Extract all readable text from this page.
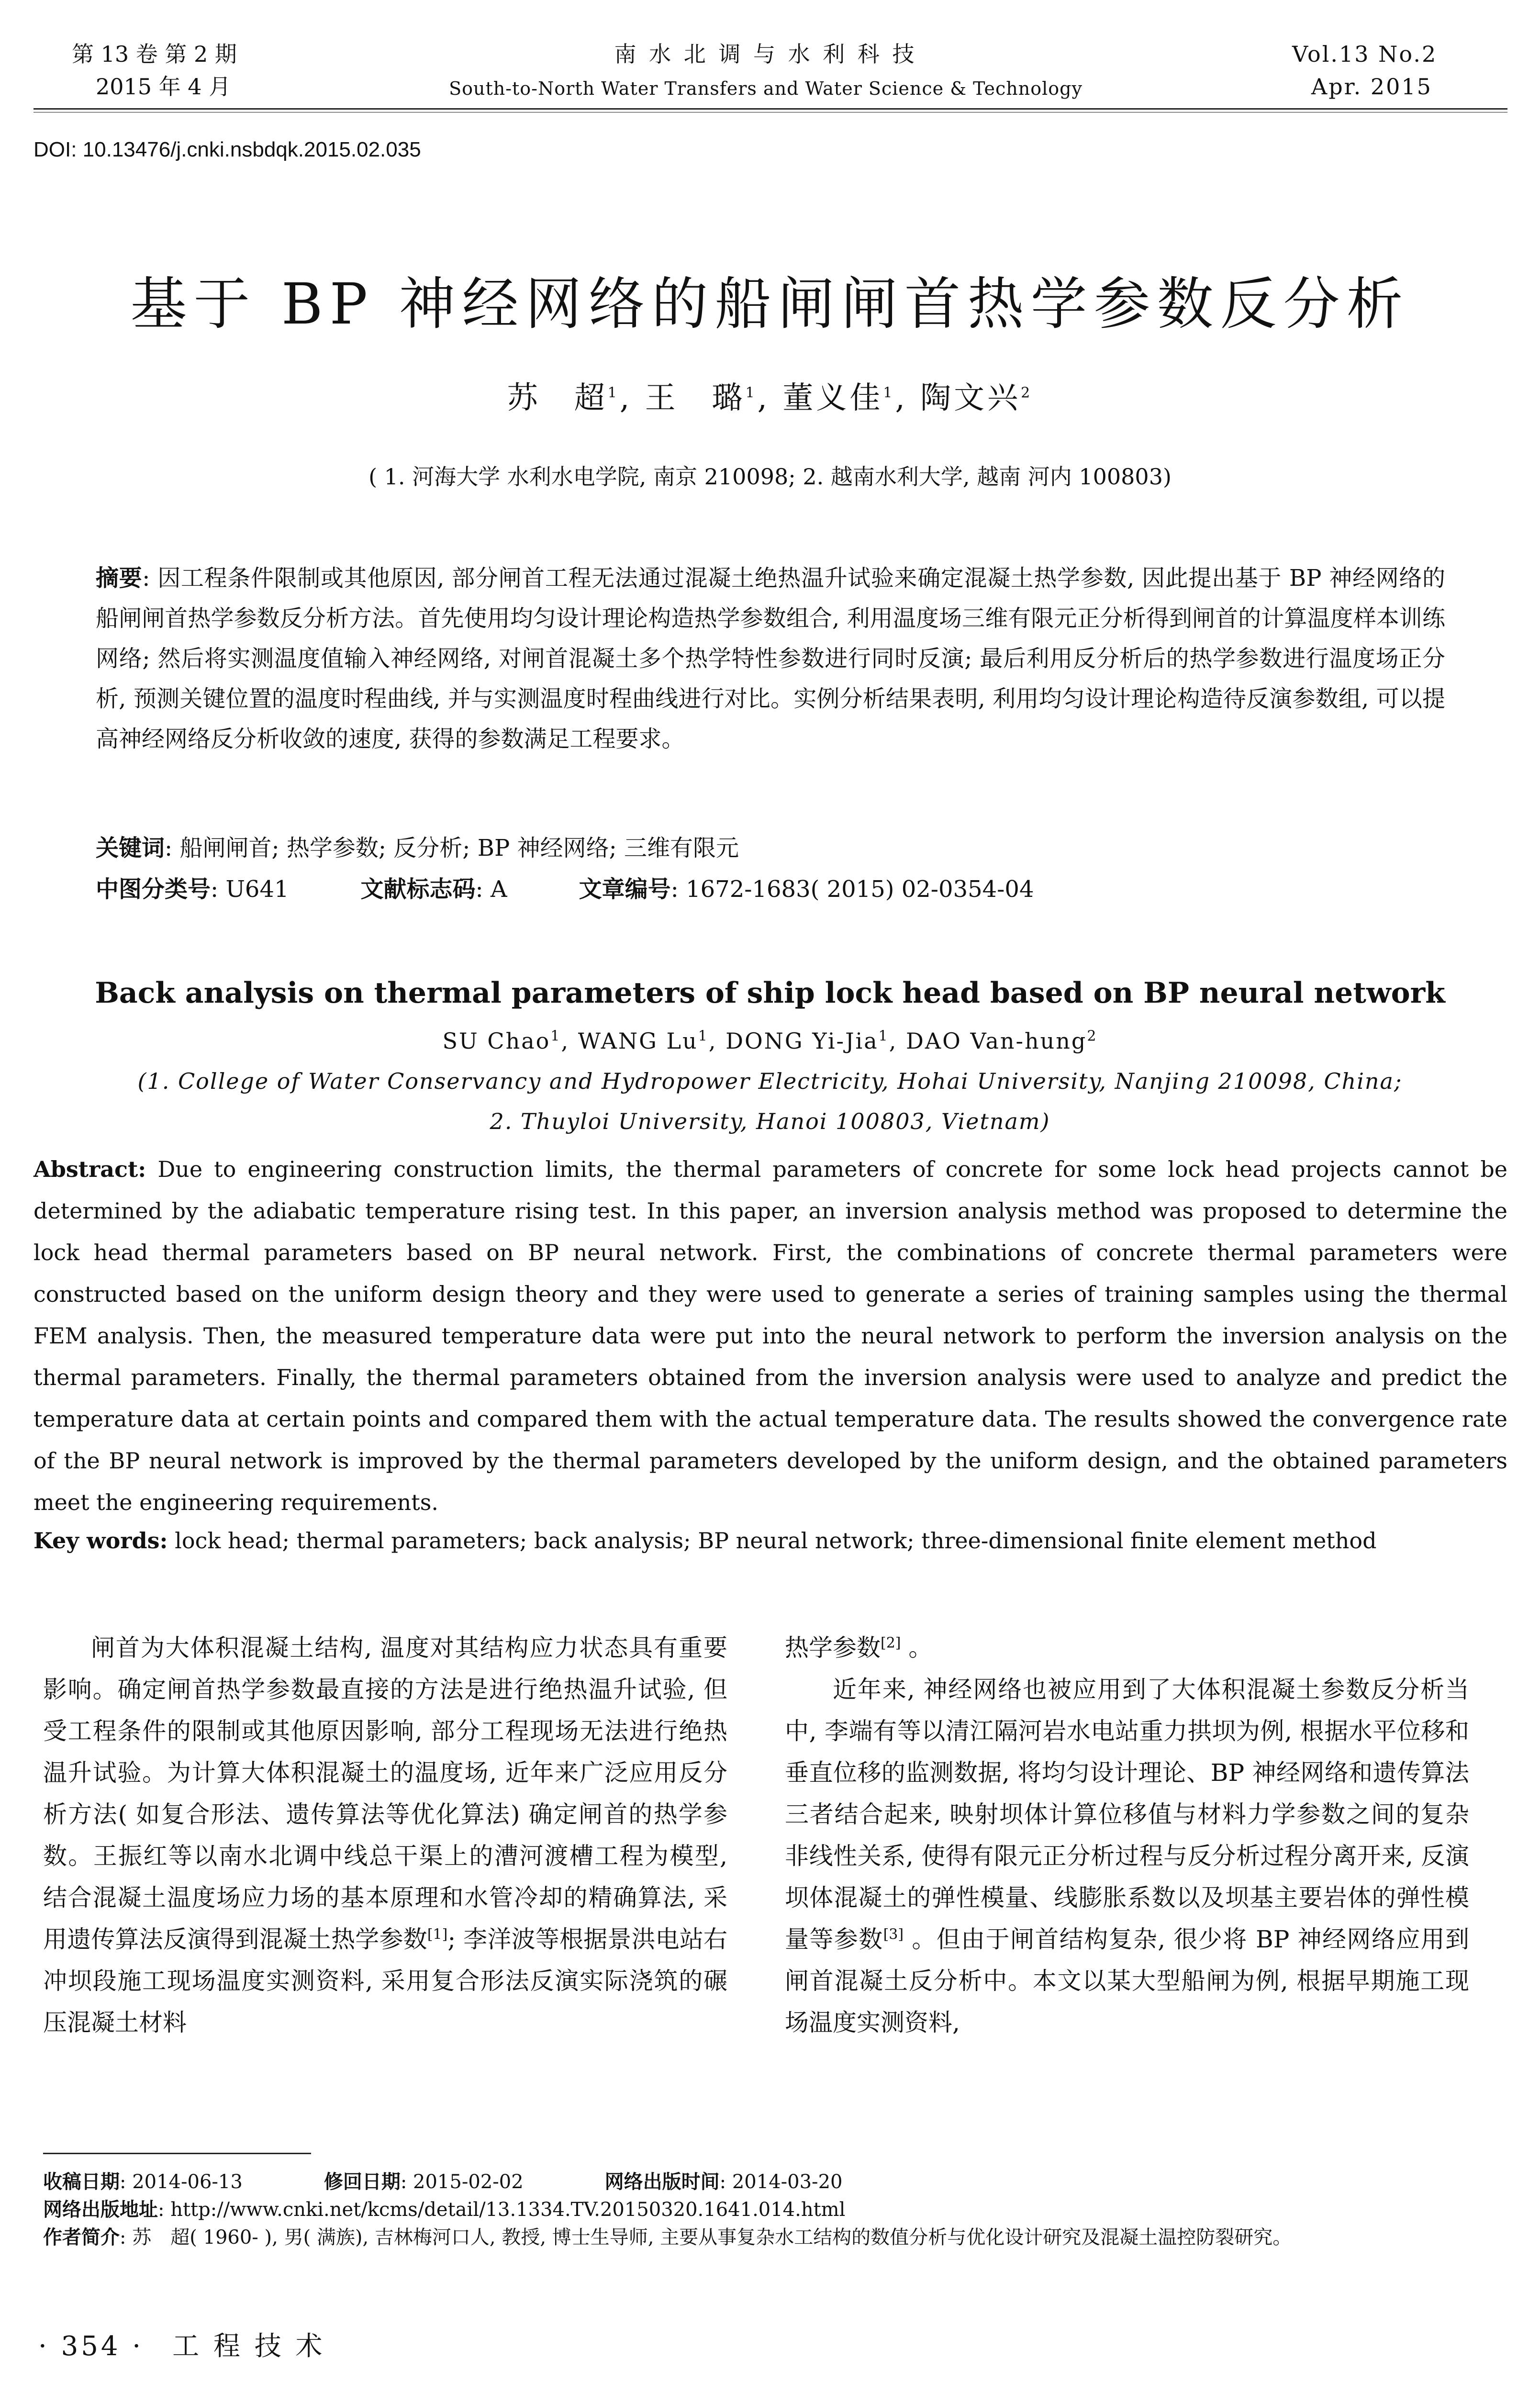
第 13 卷 第 2 期
2015 年 4 月
南 水 北 调 与 水 利 科 技
South-to-North Water Transfers and Water Science & Technology
Vol.13 No.2
Apr. 2015
DOI: 10.13476/j.cnki.nsbdqk.2015.02.035
基于 BP 神经网络的船闸闸首热学参数反分析
苏　超$^1$, 王　璐$^1$, 董义佳$^1$, 陶文兴$^2$
( 1. 河海大学 水利水电学院, 南京 210098; 2. 越南水利大学, 越南 河内 100803)
摘要: 因工程条件限制或其他原因, 部分闸首工程无法通过混凝土绝热温升试验来确定混凝土热学参数, 因此提出基于 BP 神经网络的船闸闸首热学参数反分析方法。首先使用均匀设计理论构造热学参数组合, 利用温度场三维有限元正分析得到闸首的计算温度样本训练网络; 然后将实测温度值输入神经网络, 对闸首混凝土多个热学特性参数进行同时反演; 最后利用反分析后的热学参数进行温度场正分析, 预测关键位置的温度时程曲线, 并与实测温度时程曲线进行对比。实例分析结果表明, 利用均匀设计理论构造待反演参数组, 可以提高神经网络反分析收敛的速度, 获得的参数满足工程要求。
关键词: 船闸闸首; 热学参数; 反分析; BP 神经网络; 三维有限元
中图分类号: U641	文献标志码: A	文章编号: 1672-1683( 2015) 02-0354-04
Back analysis on thermal parameters of ship lock head based on BP neural network
SU Chao$^1$, WANG Lu$^1$, DONG Yi-Jia$^1$, DAO Van-hung$^2$
(1. College of Water Conservancy and Hydropower Electricity, Hohai University, Nanjing 210098, China;
2. Thuyloi University, Hanoi 100803, Vietnam)
Abstract: Due to engineering construction limits, the thermal parameters of concrete for some lock head projects cannot be determined by the adiabatic temperature rising test. In this paper, an inversion analysis method was proposed to determine the lock head thermal parameters based on BP neural network. First, the combinations of concrete thermal parameters were constructed based on the uniform design theory and they were used to generate a series of training samples using the thermal FEM analysis. Then, the measured temperature data were put into the neural network to perform the inversion analysis on the thermal parameters. Finally, the thermal parameters obtained from the inversion analysis were used to analyze and predict the temperature data at certain points and compared them with the actual temperature data. The results showed the convergence rate of the BP neural network is improved by the thermal parameters developed by the uniform design, and the obtained parameters meet the engineering requirements.
Key words: lock head; thermal parameters; back analysis; BP neural network; three-dimensional finite element method

闸首为大体积混凝土结构, 温度对其结构应力状态具有重要影响。确定闸首热学参数最直接的方法是进行绝热温升试验, 但受工程条件的限制或其他原因影响, 部分工程现场无法进行绝热温升试验。为计算大体积混凝土的温度场, 近年来广泛应用反分析方法( 如复合形法、遗传算法等优化算法) 确定闸首的热学参数。王振红等以南水北调中线总干渠上的漕河渡槽工程为模型, 结合混凝土温度场应力场的基本原理和水管冷却的精确算法, 采用遗传算法反演得到混凝土热学参数[1]; 李洋波等根据景洪电站右冲坝段施工现场温度实测资料, 采用复合形法反演实际浇筑的碾压混凝土材料

热学参数[2] 。

近年来, 神经网络也被应用到了大体积混凝土参数反分析当中, 李端有等以清江隔河岩水电站重力拱坝为例, 根据水平位移和垂直位移的监测数据, 将均匀设计理论、BP 神经网络和遗传算法三者结合起来, 映射坝体计算位移值与材料力学参数之间的复杂非线性关系, 使得有限元正分析过程与反分析过程分离开来, 反演坝体混凝土的弹性模量、线膨胀系数以及坝基主要岩体的弹性模量等参数[3] 。但由于闸首结构复杂, 很少将 BP 神经网络应用到闸首混凝土反分析中。本文以某大型船闸为例, 根据早期施工现场温度实测资料,

收稿日期: 2014-06-13	修回日期: 2015-02-02	网络出版时间: 2014-03-20
网络出版地址: http://www.cnki.net/kcms/detail/13.1334.TV.20150320.1641.014.html
作者简介: 苏　超( 1960- ), 男( 满族), 吉林梅河口人, 教授, 博士生导师, 主要从事复杂水工结构的数值分析与优化设计研究及混凝土温控防裂研究。
· 354 · 工 程 技 术
